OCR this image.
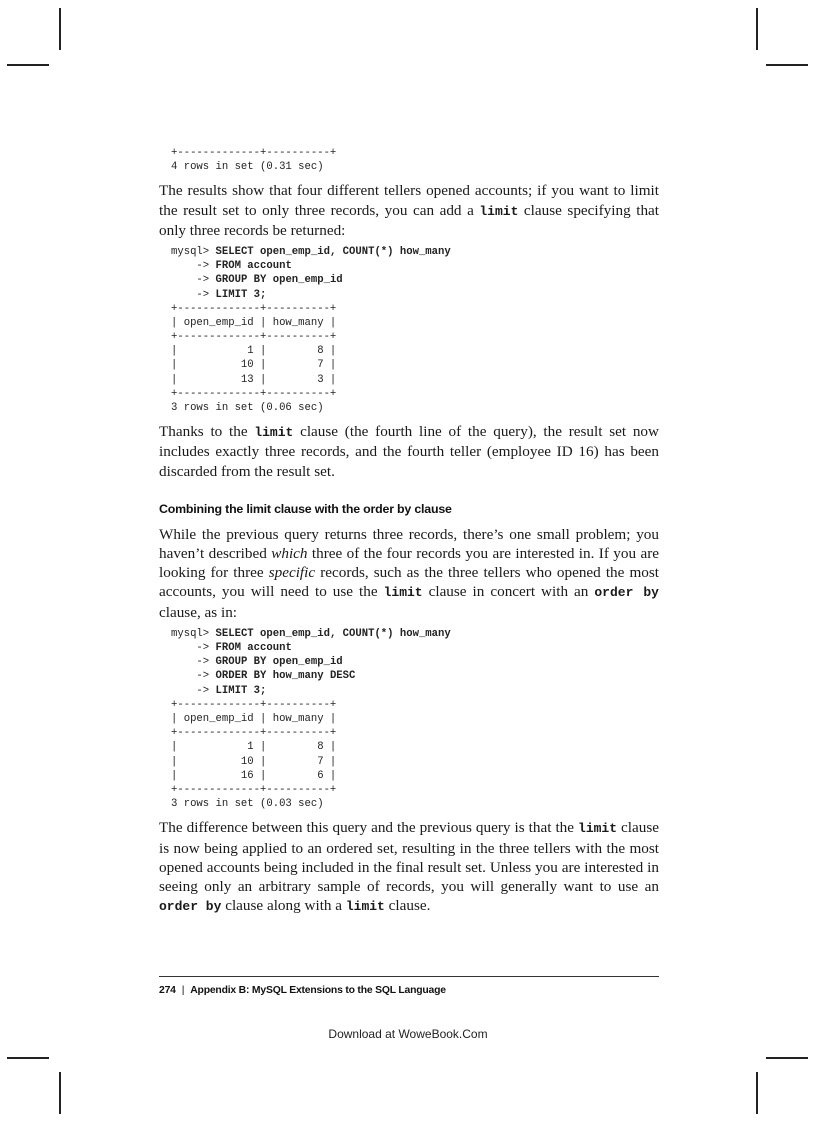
+-------------+----------+
4 rows in set (0.31 sec)

The results show that four different tellers opened accounts; if you want to limit the result set to only three records, you can add a limit clause specifying that only three records be returned:

mysql> SELECT open_emp_id, COUNT(*) how_many
-> FROM account
-> GROUP BY open_emp_id
-> LIMIT 3;
+-------------+----------+
| open_emp_id | how_many |
+-------------+----------+
|           1 |        8 |
|          10 |        7 |
|          13 |        3 |
+-------------+----------+
3 rows in set (0.06 sec)

Thanks to the limit clause (the fourth line of the query), the result set now includes exactly three records, and the fourth teller (employee ID 16) has been discarded from the result set.

Combining the limit clause with the order by clause

While the previous query returns three records, there’s one small problem; you haven’t described which three of the four records you are interested in. If you are looking for three specific records, such as the three tellers who opened the most accounts, you will need to use the limit clause in concert with an order by clause, as in:

mysql> SELECT open_emp_id, COUNT(*) how_many
-> FROM account
-> GROUP BY open_emp_id
-> ORDER BY how_many DESC
-> LIMIT 3;
+-------------+----------+
| open_emp_id | how_many |
+-------------+----------+
|           1 |        8 |
|          10 |        7 |
|          16 |        6 |
+-------------+----------+
3 rows in set (0.03 sec)

The difference between this query and the previous query is that the limit clause is now being applied to an ordered set, resulting in the three tellers with the most opened accounts being included in the final result set. Unless you are interested in seeing only an arbitrary sample of records, you will generally want to use an order by clause along with a limit clause.

274 | Appendix B: MySQL Extensions to the SQL Language
Download at WoweBook.Com
